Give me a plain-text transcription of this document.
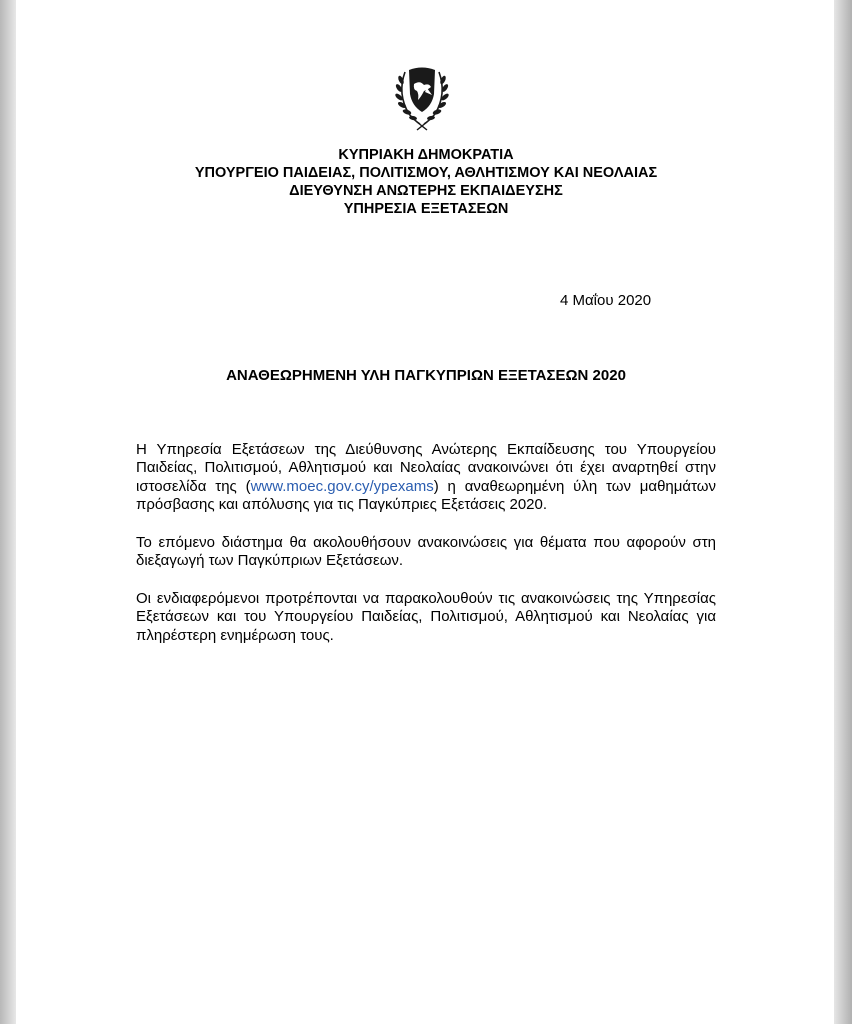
ΚΥΠΡΙΑΚΗ ΔΗΜΟΚΡΑΤΙΑ
ΥΠΟΥΡΓΕΙΟ ΠΑΙΔΕΙΑΣ, ΠΟΛΙΤΙΣΜΟΥ, ΑΘΛΗΤΙΣΜΟΥ ΚΑΙ ΝΕΟΛΑΙΑΣ
ΔΙΕΥΘΥΝΣΗ ΑΝΩΤΕΡΗΣ ΕΚΠΑΙΔΕΥΣΗΣ
ΥΠΗΡΕΣΙΑ ΕΞΕΤΑΣΕΩΝ
4 Μαΐου 2020
ΑΝΑΘΕΩΡΗΜΕΝΗ ΥΛΗ ΠΑΓΚΥΠΡΙΩΝ ΕΞΕΤΑΣΕΩΝ 2020
Η Υπηρεσία Εξετάσεων της Διεύθυνσης Ανώτερης Εκπαίδευσης του Υπουργείου Παιδείας, Πολιτισμού, Αθλητισμού και Νεολαίας ανακοινώνει ότι έχει αναρτηθεί στην ιστοσελίδα της (www.moec.gov.cy/ypexams) η αναθεωρημένη ύλη των μαθημάτων πρόσβασης και απόλυσης για τις Παγκύπριες Εξετάσεις 2020.
Το επόμενο διάστημα θα ακολουθήσουν ανακοινώσεις για θέματα που αφορούν στη διεξαγωγή των Παγκύπριων Εξετάσεων.
Οι ενδιαφερόμενοι προτρέπονται να παρακολουθούν τις ανακοινώσεις της Υπηρεσίας Εξετάσεων και του Υπουργείου Παιδείας, Πολιτισμού, Αθλητισμού και Νεολαίας για πληρέστερη ενημέρωση τους.
